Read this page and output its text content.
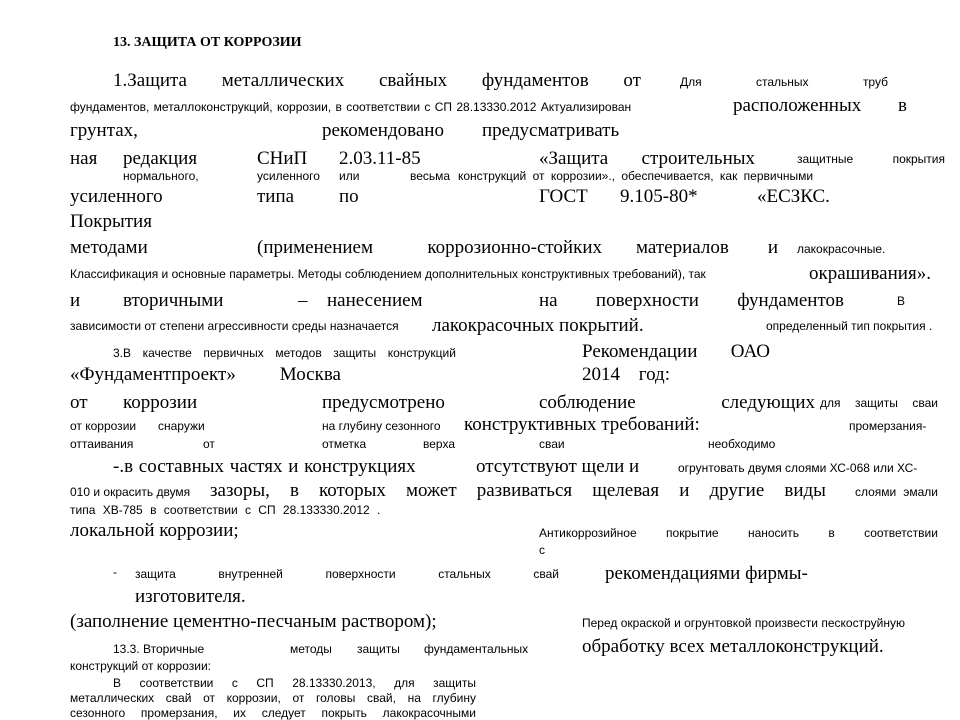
13. ЗАЩИТА ОТ КОРРОЗИИ
1.Защита металлических свайных фундаментов от	Для	стальных	труб
фундаментов, металлоконструкций, коррозии, в соответствии с СП 28.13330.2012 Актуализирован	расположенных в
грунтах,	рекомендовано предусматривать
ная редакция	СНиП 2.03.11-85	«Защита строительных	защитные	покрытия
нормального,	усиленного или	весьма конструкций от коррозии»., обеспечивается, как первичными
усиленного	типа по	ГОСТ 9.105-80*	«ЕСЗКС.
Покрытия
методами	(применением	коррозионно-стойких материалов и лакокрасочные.
Классификация и основные параметры. Методы соблюдением дополнительных конструктивных требований), так	окрашивания».
и вторичными	– нанесением	на поверхности фундаментов	В
зависимости от степени агрессивности среды назначается лакокрасочных покрытий.	определенный тип покрытия .
3.В качестве первичных методов защиты конструкций	Рекомендации ОАО
«Фундаментпроект» Москва	2014 год:
от коррозии	предусмотрено	соблюдение	следующих для защиты сваи
от коррозии снаружи	на глубину сезонного конструктивных требований:	промерзания-
оттаивания	от	отметка	верха	сваи	необходимо
-.в составных частях и конструкциях	отсутствуют щели и	огрунтовать двумя слоями ХС-068 или ХС-
010 и окрасить двумя зазоры, в которых может развиваться щелевая и другие виды слоями эмали
типа ХВ-785 в соответствии с СП 28.133330.2012 .
локальной коррозии;	Антикоррозийное покрытие наносить в соответствии
с
- защита	внутренней	поверхности	стальных	свай рекомендациями фирмы-
изготовителя.
(заполнение цементно-песчаным раствором);	Перед окраской и огрунтовкой произвести пескоструйную
13.3. Вторичные	методы защиты фундаментальных	обработку всех металлоконструкций.
конструкций от коррозии:
В соответствии с СП 28.13330.2013, для защиты
металлических свай от коррозии, от головы свай, на глубину
сезонного промерзания, их следует покрыть лакокрасочными
